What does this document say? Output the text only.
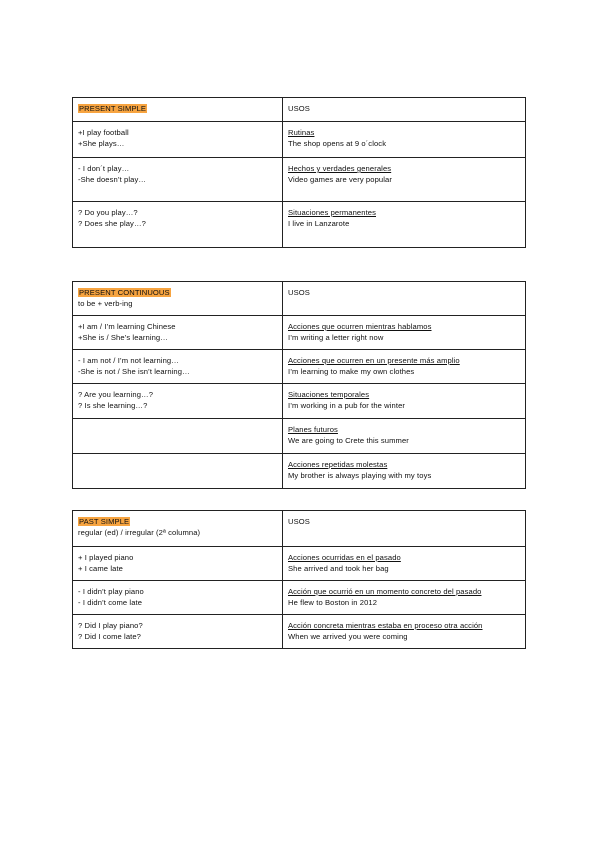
PRESENT SIMPLE	USOS

+I play football
+She plays…	Rutinas
The shop opens at 9 o´clock

- I don´t play…
-She doesn’t play…	Hechos y verdades generales
Video games are very popular

? Do you play…?
? Does she play…?	Situaciones permanentes
I live in Lanzarote
PRESENT CONTINUOUS
to be + verb-ing	USOS

+I am / I’m learning Chinese
+She is / She’s learning…	Acciones que ocurren mientras hablamos
I’m writing a letter right now

- I am not / I’m not learning…
-She is not / She isn’t learning…	Acciones que ocurren en un presente más amplio
I’m learning to make my own clothes

? Are you learning…?
? Is she learning…?	Situaciones temporales
I’m working in a pub for the winter

	Planes futuros
We are going to Crete this summer

	Acciones repetidas molestas
My brother is always playing with my toys
PAST SIMPLE
regular (ed) / irregular (2ª columna)	USOS

+ I played piano
+ I came late	Acciones ocurridas en el pasado
She arrived and took her bag

- I didn’t play piano
- I didn’t come late	Acción que ocurrió en un momento concreto del pasado
He flew to Boston in 2012

? Did I play piano?
? Did I come late?	Acción concreta mientras estaba en proceso otra acción
When we arrived you were coming
